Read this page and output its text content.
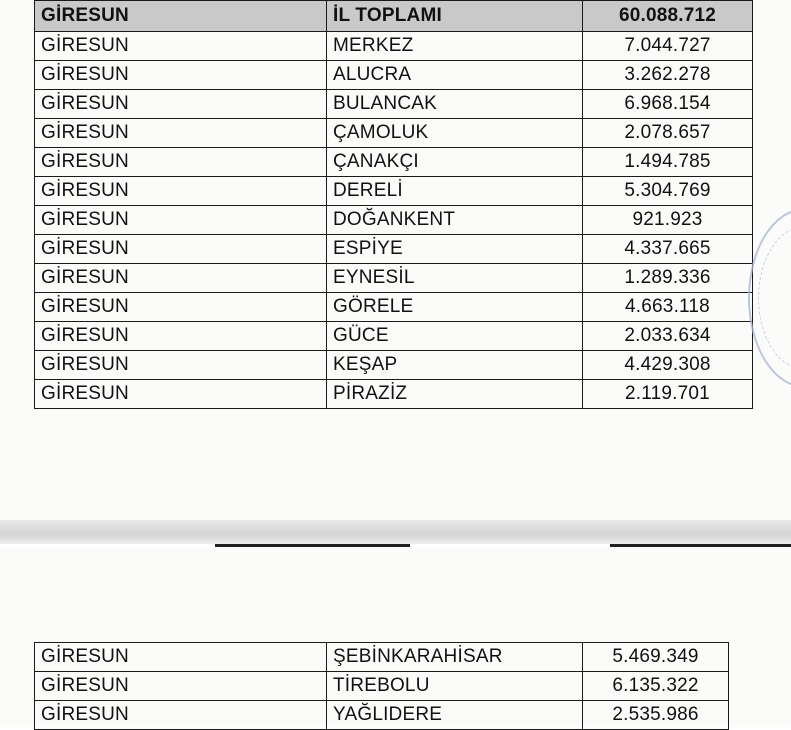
GİRESUN	İL TOPLAMI	60.088.712
GİRESUN	MERKEZ	7.044.727
GİRESUN	ALUCRA	3.262.278
GİRESUN	BULANCAK	6.968.154
GİRESUN	ÇAMOLUK	2.078.657
GİRESUN	ÇANAKÇI	1.494.785
GİRESUN	DERELİ	5.304.769
GİRESUN	DOĞANKENT	921.923
GİRESUN	ESPİYE	4.337.665
GİRESUN	EYNESİL	1.289.336
GİRESUN	GÖRELE	4.663.118
GİRESUN	GÜCE	2.033.634
GİRESUN	KEŞAP	4.429.308
GİRESUN	PİRAZİZ	2.119.701
GİRESUN	ŞEBİNKARAHİSAR	5.469.349
GİRESUN	TİREBOLU	6.135.322
GİRESUN	YAĞLIDERE	2.535.986
